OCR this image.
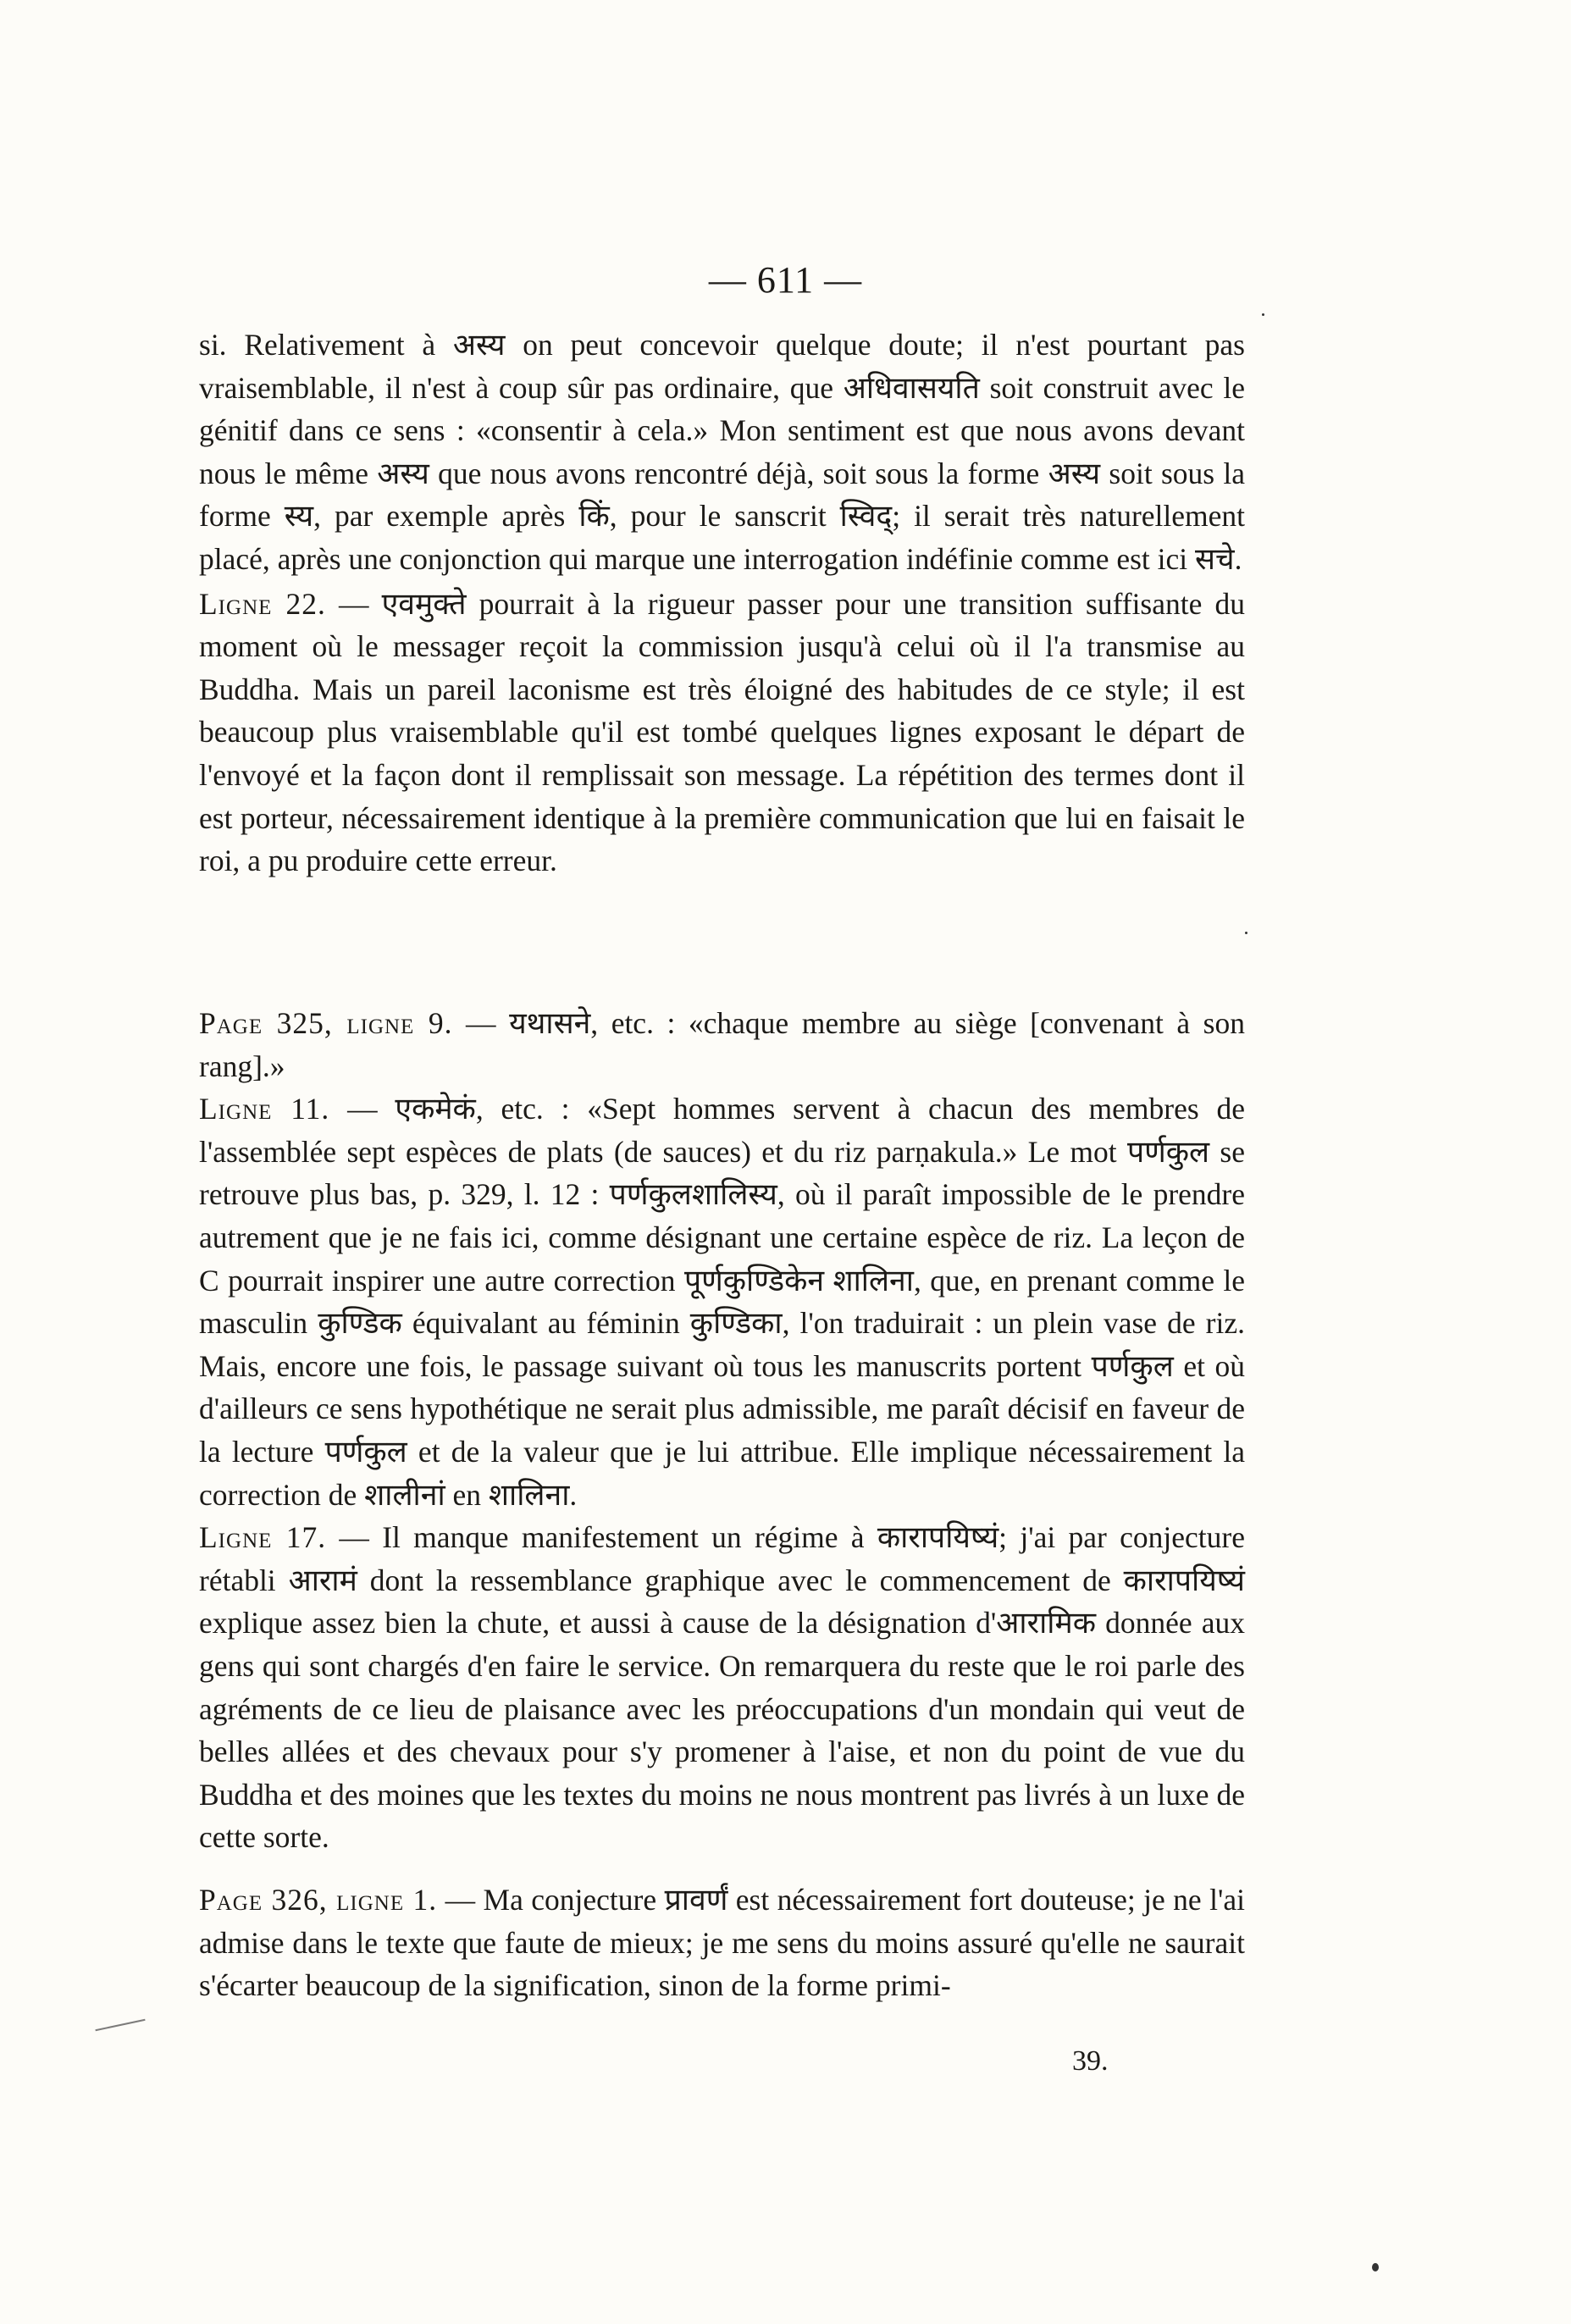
— 611 —

si. Relativement à अस्य on peut concevoir quelque doute; il n'est pourtant pas vraisemblable, il n'est à coup sûr pas ordinaire, que अधिवासयति soit construit avec le génitif dans ce sens : «consentir à cela.» Mon sentiment est que nous avons devant nous le même अस्य que nous avons rencontré déjà, soit sous la forme अस्य soit sous la forme स्य, par exemple après किं, pour le sanscrit स्विद्; il serait très naturellement placé, après une conjonction qui marque une interrogation indéfinie comme est ici सचे.

Ligne 22. — एवमुक्ते pourrait à la rigueur passer pour une transition suffisante du moment où le messager reçoit la commission jusqu'à celui où il l'a transmise au Buddha. Mais un pareil laconisme est très éloigné des habitudes de ce style; il est beaucoup plus vraisemblable qu'il est tombé quelques lignes exposant le départ de l'envoyé et la façon dont il remplissait son message. La répétition des termes dont il est porteur, nécessairement identique à la première communication que lui en faisait le roi, a pu produire cette erreur.

Page 325, ligne 9. — यथासने, etc. : «chaque membre au siège [convenant à son rang].»

Ligne 11. — एकमेकं, etc. : «Sept hommes servent à chacun des membres de l'assemblée sept espèces de plats (de sauces) et du riz parṇakula.» Le mot पर्णकुल se retrouve plus bas, p. 329, l. 12 : पर्णकुलशालिस्य, où il paraît impossible de le prendre autrement que je ne fais ici, comme désignant une certaine espèce de riz. La leçon de C pourrait inspirer une autre correction पूर्णकुण्डिकेन शालिना, que, en prenant comme le masculin कुण्डिक équivalant au féminin कुण्डिका, l'on traduirait : un plein vase de riz. Mais, encore une fois, le passage suivant où tous les manuscrits portent पर्णकुल et où d'ailleurs ce sens hypothétique ne serait plus admissible, me paraît décisif en faveur de la lecture पर्णकुल et de la valeur que je lui attribue. Elle implique nécessairement la correction de शालीनां en शालिना.

Ligne 17. — Il manque manifestement un régime à कारापयिष्यं; j'ai par conjecture rétabli आरामं dont la ressemblance graphique avec le commencement de कारापयिष्यं explique assez bien la chute, et aussi à cause de la désignation d'आरामिक donnée aux gens qui sont chargés d'en faire le service. On remarquera du reste que le roi parle des agréments de ce lieu de plaisance avec les préoccupations d'un mondain qui veut de belles allées et des chevaux pour s'y promener à l'aise, et non du point de vue du Buddha et des moines que les textes du moins ne nous montrent pas livrés à un luxe de cette sorte.

Page 326, ligne 1. — Ma conjecture प्रावर्णं est nécessairement fort douteuse; je ne l'ai admise dans le texte que faute de mieux; je me sens du moins assuré qu'elle ne saurait s'écarter beaucoup de la signification, sinon de la forme primi-

39.
